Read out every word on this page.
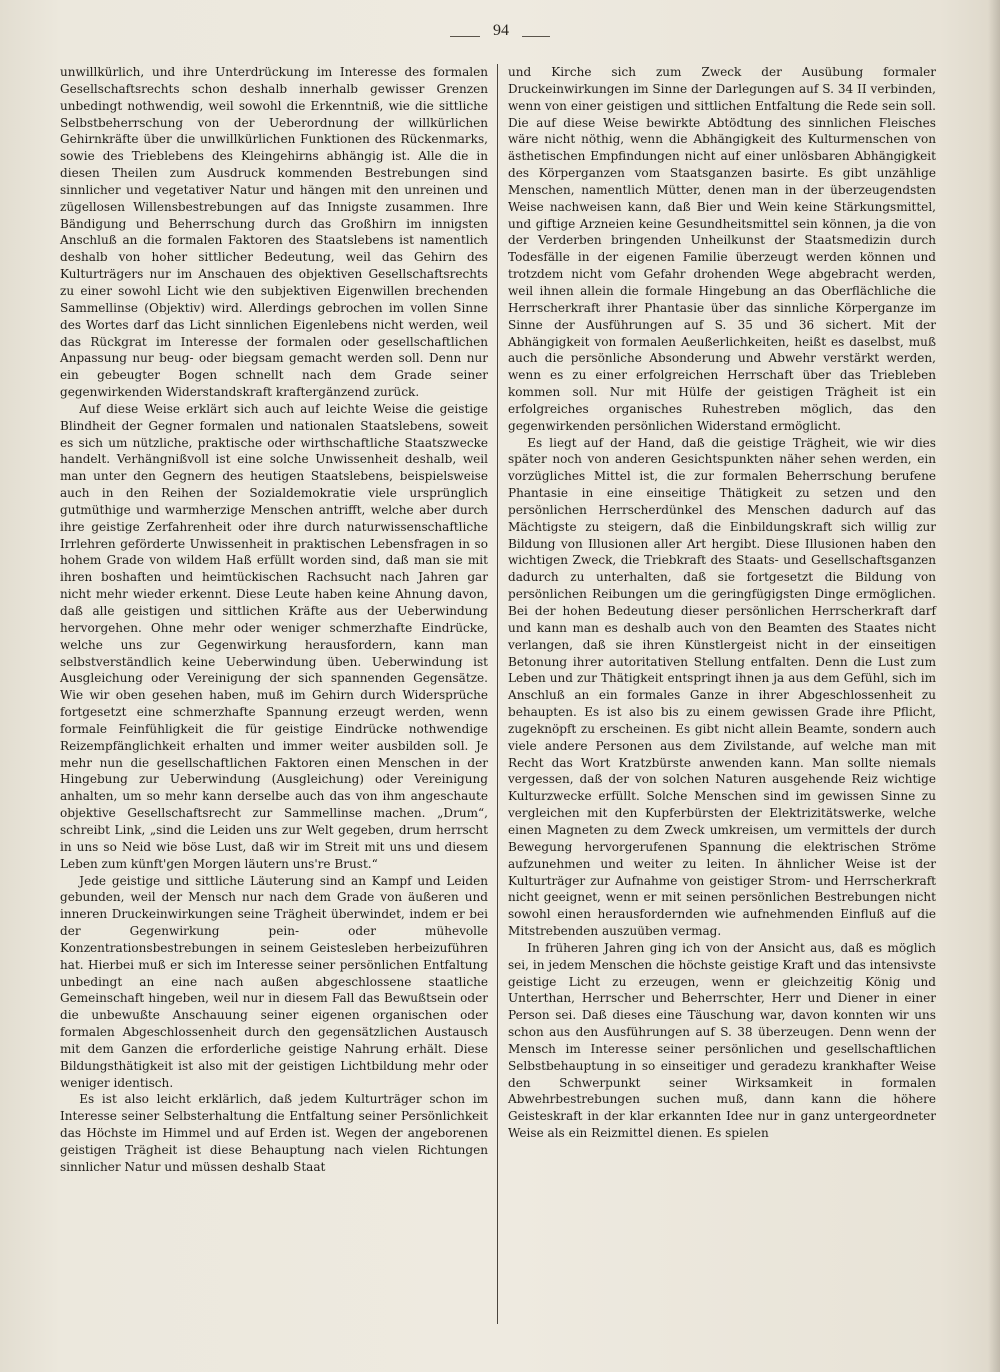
94

unwillkürlich, und ihre Unterdrückung im Interesse des formalen Gesellschaftsrechts schon deshalb innerhalb gewisser Grenzen unbedingt nothwendig, weil sowohl die Erkenntniß, wie die sittliche Selbstbeherrschung von der Ueberordnung der willkürlichen Gehirnkräfte über die unwillkürlichen Funktionen des Rückenmarks, sowie des Trieblebens des Kleingehirns abhängig ist. Alle die in diesen Theilen zum Ausdruck kommenden Bestrebungen sind sinnlicher und vegetativer Natur und hängen mit den unreinen und zügellosen Willensbestrebungen auf das Innigste zusammen. Ihre Bändigung und Beherrschung durch das Großhirn im innigsten Anschluß an die formalen Faktoren des Staatslebens ist namentlich deshalb von hoher sittlicher Bedeutung, weil das Gehirn des Kulturträgers nur im Anschauen des objektiven Gesellschaftsrechts zu einer sowohl Licht wie den subjektiven Eigenwillen brechenden Sammellinse (Objektiv) wird. Allerdings gebrochen im vollen Sinne des Wortes darf das Licht sinnlichen Eigenlebens nicht werden, weil das Rückgrat im Interesse der formalen oder gesellschaftlichen Anpassung nur beug- oder biegsam gemacht werden soll. Denn nur ein gebeugter Bogen schnellt nach dem Grade seiner gegenwirkenden Widerstandskraft kraftergänzend zurück.

Auf diese Weise erklärt sich auch auf leichte Weise die geistige Blindheit der Gegner formalen und nationalen Staatslebens, soweit es sich um nützliche, praktische oder wirthschaftliche Staatszwecke handelt. Verhängnißvoll ist eine solche Unwissenheit deshalb, weil man unter den Gegnern des heutigen Staatslebens, beispielsweise auch in den Reihen der Sozialdemokratie viele ursprünglich gutmüthige und warmherzige Menschen antrifft, welche aber durch ihre geistige Zerfahrenheit oder ihre durch naturwissenschaftliche Irrlehren geförderte Unwissenheit in praktischen Lebensfragen in so hohem Grade von wildem Haß erfüllt worden sind, daß man sie mit ihren boshaften und heimtückischen Rachsucht nach Jahren gar nicht mehr wieder erkennt. Diese Leute haben keine Ahnung davon, daß alle geistigen und sittlichen Kräfte aus der Ueberwindung hervorgehen. Ohne mehr oder weniger schmerzhafte Eindrücke, welche uns zur Gegenwirkung herausfordern, kann man selbstverständlich keine Ueberwindung üben. Ueberwindung ist Ausgleichung oder Vereinigung der sich spannenden Gegensätze. Wie wir oben gesehen haben, muß im Gehirn durch Widersprüche fortgesetzt eine schmerzhafte Spannung erzeugt werden, wenn formale Feinfühligkeit die für geistige Eindrücke nothwendige Reizempfänglichkeit erhalten und immer weiter ausbilden soll. Je mehr nun die gesellschaftlichen Faktoren einen Menschen in der Hingebung zur Ueberwindung (Ausgleichung) oder Vereinigung anhalten, um so mehr kann derselbe auch das von ihm angeschaute objektive Gesellschaftsrecht zur Sammellinse machen. „Drum“, schreibt Link, „sind die Leiden uns zur Welt gegeben, drum herrscht in uns so Neid wie böse Lust, daß wir im Streit mit uns und diesem Leben zum künft'gen Morgen läutern uns're Brust.“

Jede geistige und sittliche Läuterung sind an Kampf und Leiden gebunden, weil der Mensch nur nach dem Grade von äußeren und inneren Druckeinwirkungen seine Trägheit überwindet, indem er bei der Gegenwirkung pein- oder mühevolle Konzentrationsbestrebungen in seinem Geistesleben herbeizuführen hat. Hierbei muß er sich im Interesse seiner persönlichen Entfaltung unbedingt an eine nach außen abgeschlossene staatliche Gemeinschaft hingeben, weil nur in diesem Fall das Bewußtsein oder die unbewußte Anschauung seiner eigenen organischen oder formalen Abgeschlossenheit durch den gegensätzlichen Austausch mit dem Ganzen die erforderliche geistige Nahrung erhält. Diese Bildungsthätigkeit ist also mit der geistigen Lichtbildung mehr oder weniger identisch.

Es ist also leicht erklärlich, daß jedem Kulturträger schon im Interesse seiner Selbsterhaltung die Entfaltung seiner Persönlichkeit das Höchste im Himmel und auf Erden ist. Wegen der angeborenen geistigen Trägheit ist diese Behauptung nach vielen Richtungen sinnlicher Natur und müssen deshalb Staat

und Kirche sich zum Zweck der Ausübung formaler Druckeinwirkungen im Sinne der Darlegungen auf S. 34 II verbinden, wenn von einer geistigen und sittlichen Entfaltung die Rede sein soll. Die auf diese Weise bewirkte Abtödtung des sinnlichen Fleisches wäre nicht nöthig, wenn die Abhängigkeit des Kulturmenschen von ästhetischen Empfindungen nicht auf einer unlösbaren Abhängigkeit des Körperganzen vom Staatsganzen basirte. Es gibt unzählige Menschen, namentlich Mütter, denen man in der überzeugendsten Weise nachweisen kann, daß Bier und Wein keine Stärkungsmittel, und giftige Arzneien keine Gesundheitsmittel sein können, ja die von der Verderben bringenden Unheilkunst der Staatsmedizin durch Todesfälle in der eigenen Familie überzeugt werden können und trotzdem nicht vom Gefahr drohenden Wege abgebracht werden, weil ihnen allein die formale Hingebung an das Oberflächliche die Herrscherkraft ihrer Phantasie über das sinnliche Körperganze im Sinne der Ausführungen auf S. 35 und 36 sichert. Mit der Abhängigkeit von formalen Aeußerlichkeiten, heißt es daselbst, muß auch die persönliche Absonderung und Abwehr verstärkt werden, wenn es zu einer erfolgreichen Herrschaft über das Triebleben kommen soll. Nur mit Hülfe der geistigen Trägheit ist ein erfolgreiches organisches Ruhestreben möglich, das den gegenwirkenden persönlichen Widerstand ermöglicht.

Es liegt auf der Hand, daß die geistige Trägheit, wie wir dies später noch von anderen Gesichtspunkten näher sehen werden, ein vorzügliches Mittel ist, die zur formalen Beherrschung berufene Phantasie in eine einseitige Thätigkeit zu setzen und den persönlichen Herrscherdünkel des Menschen dadurch auf das Mächtigste zu steigern, daß die Einbildungskraft sich willig zur Bildung von Illusionen aller Art hergibt. Diese Illusionen haben den wichtigen Zweck, die Triebkraft des Staats- und Gesellschaftsganzen dadurch zu unterhalten, daß sie fortgesetzt die Bildung von persönlichen Reibungen um die geringfügigsten Dinge ermöglichen. Bei der hohen Bedeutung dieser persönlichen Herrscherkraft darf und kann man es deshalb auch von den Beamten des Staates nicht verlangen, daß sie ihren Künstlergeist nicht in der einseitigen Betonung ihrer autoritativen Stellung entfalten. Denn die Lust zum Leben und zur Thätigkeit entspringt ihnen ja aus dem Gefühl, sich im Anschluß an ein formales Ganze in ihrer Abgeschlossenheit zu behaupten. Es ist also bis zu einem gewissen Grade ihre Pflicht, zugeknöpft zu erscheinen. Es gibt nicht allein Beamte, sondern auch viele andere Personen aus dem Zivilstande, auf welche man mit Recht das Wort Kratzbürste anwenden kann. Man sollte niemals vergessen, daß der von solchen Naturen ausgehende Reiz wichtige Kulturzwecke erfüllt. Solche Menschen sind im gewissen Sinne zu vergleichen mit den Kupferbürsten der Elektrizitätswerke, welche einen Magneten zu dem Zweck umkreisen, um vermittels der durch Bewegung hervorgerufenen Spannung die elektrischen Ströme aufzunehmen und weiter zu leiten. In ähnlicher Weise ist der Kulturträger zur Aufnahme von geistiger Strom- und Herrscherkraft nicht geeignet, wenn er mit seinen persönlichen Bestrebungen nicht sowohl einen herausfordernden wie aufnehmenden Einfluß auf die Mitstrebenden auszuüben vermag.

In früheren Jahren ging ich von der Ansicht aus, daß es möglich sei, in jedem Menschen die höchste geistige Kraft und das intensivste geistige Licht zu erzeugen, wenn er gleichzeitig König und Unterthan, Herrscher und Beherrschter, Herr und Diener in einer Person sei. Daß dieses eine Täuschung war, davon konnten wir uns schon aus den Ausführungen auf S. 38 überzeugen. Denn wenn der Mensch im Interesse seiner persönlichen und gesellschaftlichen Selbstbehauptung in so einseitiger und geradezu krankhafter Weise den Schwerpunkt seiner Wirksamkeit in formalen Abwehrbestrebungen suchen muß, dann kann die höhere Geisteskraft in der klar erkannten Idee nur in ganz untergeordneter Weise als ein Reizmittel dienen. Es spielen
